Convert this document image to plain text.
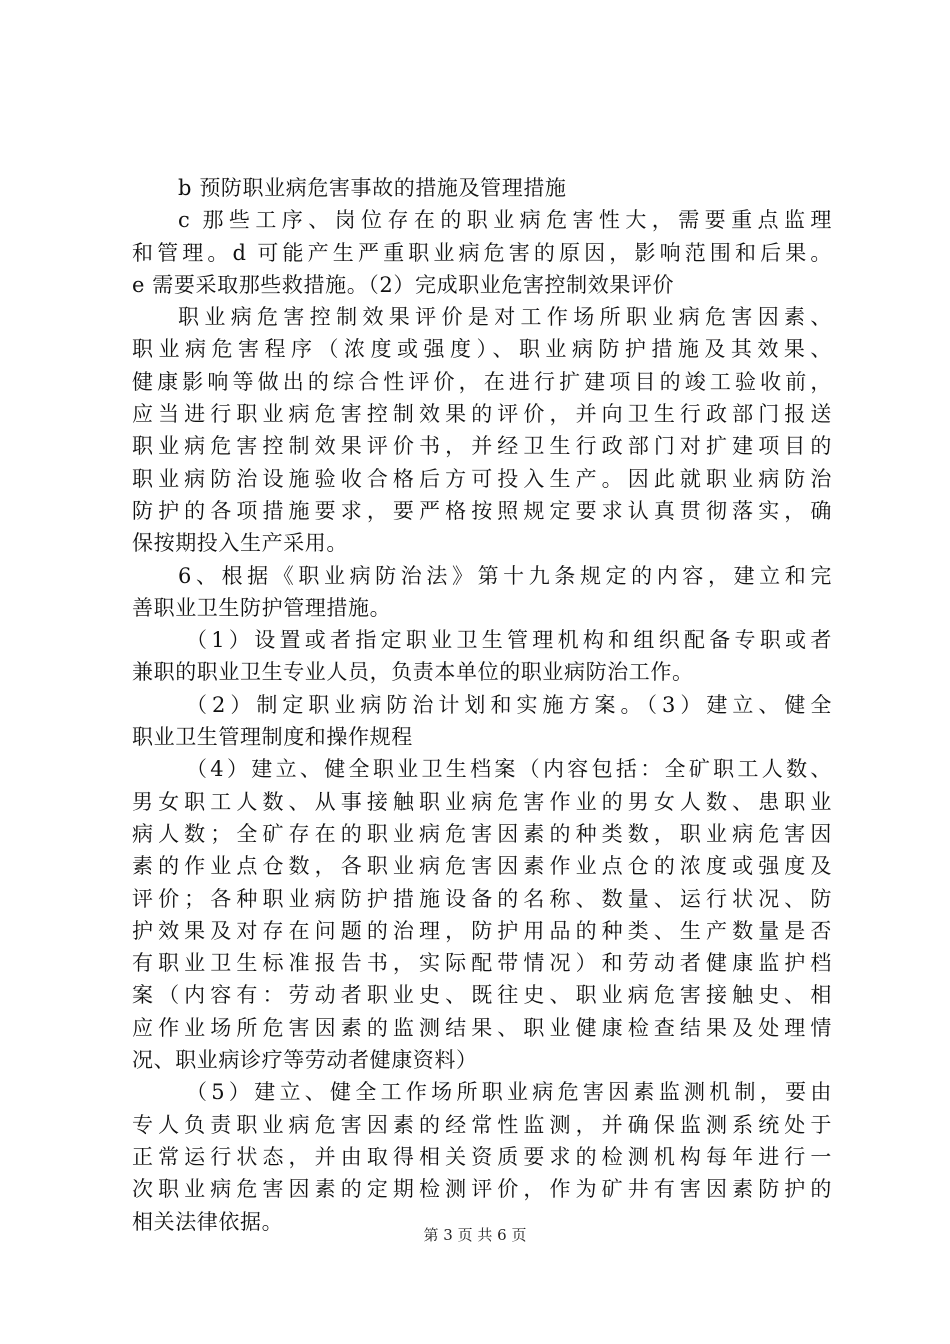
b 预防职业病危害事故的措施及管理措施
c 那些工序、岗位存在的职业病危害性大，需要重点监理
和管理。d 可能产生严重职业病危害的原因，影响范围和后果。
e 需要采取那些救措施。（2）完成职业危害控制效果评价
职业病危害控制效果评价是对工作场所职业病危害因素、
职业病危害程序（浓度或强度）、职业病防护措施及其效果、
健康影响等做出的综合性评价，在进行扩建项目的竣工验收前，
应当进行职业病危害控制效果的评价，并向卫生行政部门报送
职业病危害控制效果评价书，并经卫生行政部门对扩建项目的
职业病防治设施验收合格后方可投入生产。因此就职业病防治
防护的各项措施要求，要严格按照规定要求认真贯彻落实，确
保按期投入生产采用。
6、根据《职业病防治法》第十九条规定的内容，建立和完
善职业卫生防护管理措施。
（1）设置或者指定职业卫生管理机构和组织配备专职或者
兼职的职业卫生专业人员，负责本单位的职业病防治工作。
（2）制定职业病防治计划和实施方案。（3）建立、健全
职业卫生管理制度和操作规程
（4）建立、健全职业卫生档案（内容包括：全矿职工人数、
男女职工人数、从事接触职业病危害作业的男女人数、患职业
病人数；全矿存在的职业病危害因素的种类数，职业病危害因
素的作业点仓数，各职业病危害因素作业点仓的浓度或强度及
评价；各种职业病防护措施设备的名称、数量、运行状况、防
护效果及对存在问题的治理，防护用品的种类、生产数量是否
有职业卫生标准报告书，实际配带情况）和劳动者健康监护档
案（内容有：劳动者职业史、既往史、职业病危害接触史、相
应作业场所危害因素的监测结果、职业健康检查结果及处理情
况、职业病诊疗等劳动者健康资料）
（5）建立、健全工作场所职业病危害因素监测机制，要由
专人负责职业病危害因素的经常性监测，并确保监测系统处于
正常运行状态，并由取得相关资质要求的检测机构每年进行一
次职业病危害因素的定期检测评价，作为矿井有害因素防护的
相关法律依据。
第 3 页 共 6 页
